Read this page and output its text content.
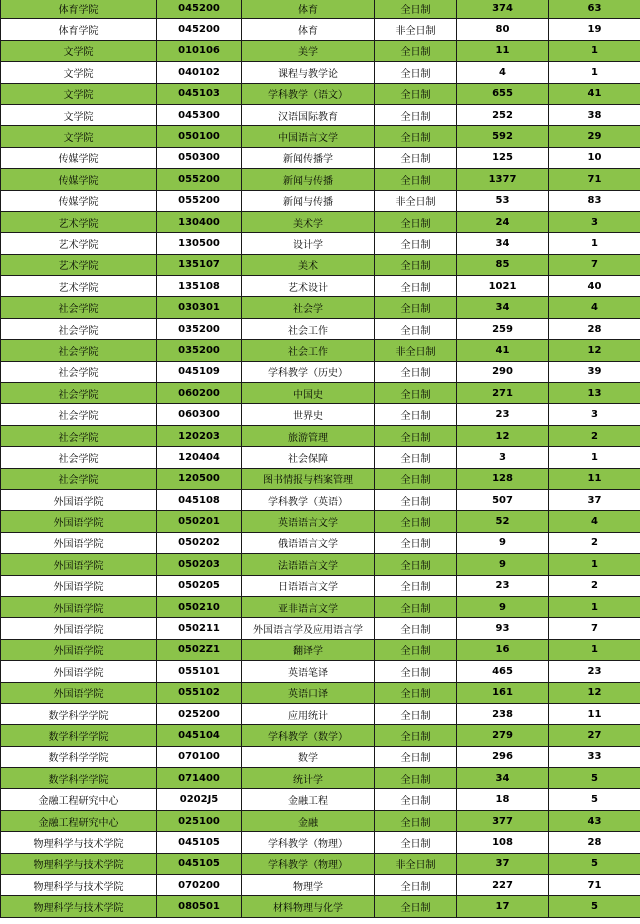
体育学院	045200	体育	全日制	374	63
体育学院	045200	体育	非全日制	80	19
文学院	010106	美学	全日制	11	1
文学院	040102	课程与教学论	全日制	4	1
文学院	045103	学科教学（语文）	全日制	655	41
文学院	045300	汉语国际教育	全日制	252	38
文学院	050100	中国语言文学	全日制	592	29
传媒学院	050300	新闻传播学	全日制	125	10
传媒学院	055200	新闻与传播	全日制	1377	71
传媒学院	055200	新闻与传播	非全日制	53	83
艺术学院	130400	美术学	全日制	24	3
艺术学院	130500	设计学	全日制	34	1
艺术学院	135107	美术	全日制	85	7
艺术学院	135108	艺术设计	全日制	1021	40
社会学院	030301	社会学	全日制	34	4
社会学院	035200	社会工作	全日制	259	28
社会学院	035200	社会工作	非全日制	41	12
社会学院	045109	学科教学（历史）	全日制	290	39
社会学院	060200	中国史	全日制	271	13
社会学院	060300	世界史	全日制	23	3
社会学院	120203	旅游管理	全日制	12	2
社会学院	120404	社会保障	全日制	3	1
社会学院	120500	图书情报与档案管理	全日制	128	11
外国语学院	045108	学科教学（英语）	全日制	507	37
外国语学院	050201	英语语言文学	全日制	52	4
外国语学院	050202	俄语语言文学	全日制	9	2
外国语学院	050203	法语语言文学	全日制	9	1
外国语学院	050205	日语语言文学	全日制	23	2
外国语学院	050210	亚非语言文学	全日制	9	1
外国语学院	050211	外国语言学及应用语言学	全日制	93	7
外国语学院	0502Z1	翻译学	全日制	16	1
外国语学院	055101	英语笔译	全日制	465	23
外国语学院	055102	英语口译	全日制	161	12
数学科学学院	025200	应用统计	全日制	238	11
数学科学学院	045104	学科教学（数学）	全日制	279	27
数学科学学院	070100	数学	全日制	296	33
数学科学学院	071400	统计学	全日制	34	5
金融工程研究中心	0202J5	金融工程	全日制	18	5
金融工程研究中心	025100	金融	全日制	377	43
物理科学与技术学院	045105	学科教学（物理）	全日制	108	28
物理科学与技术学院	045105	学科教学（物理）	非全日制	37	5
物理科学与技术学院	070200	物理学	全日制	227	71
物理科学与技术学院	080501	材料物理与化学	全日制	17	5
